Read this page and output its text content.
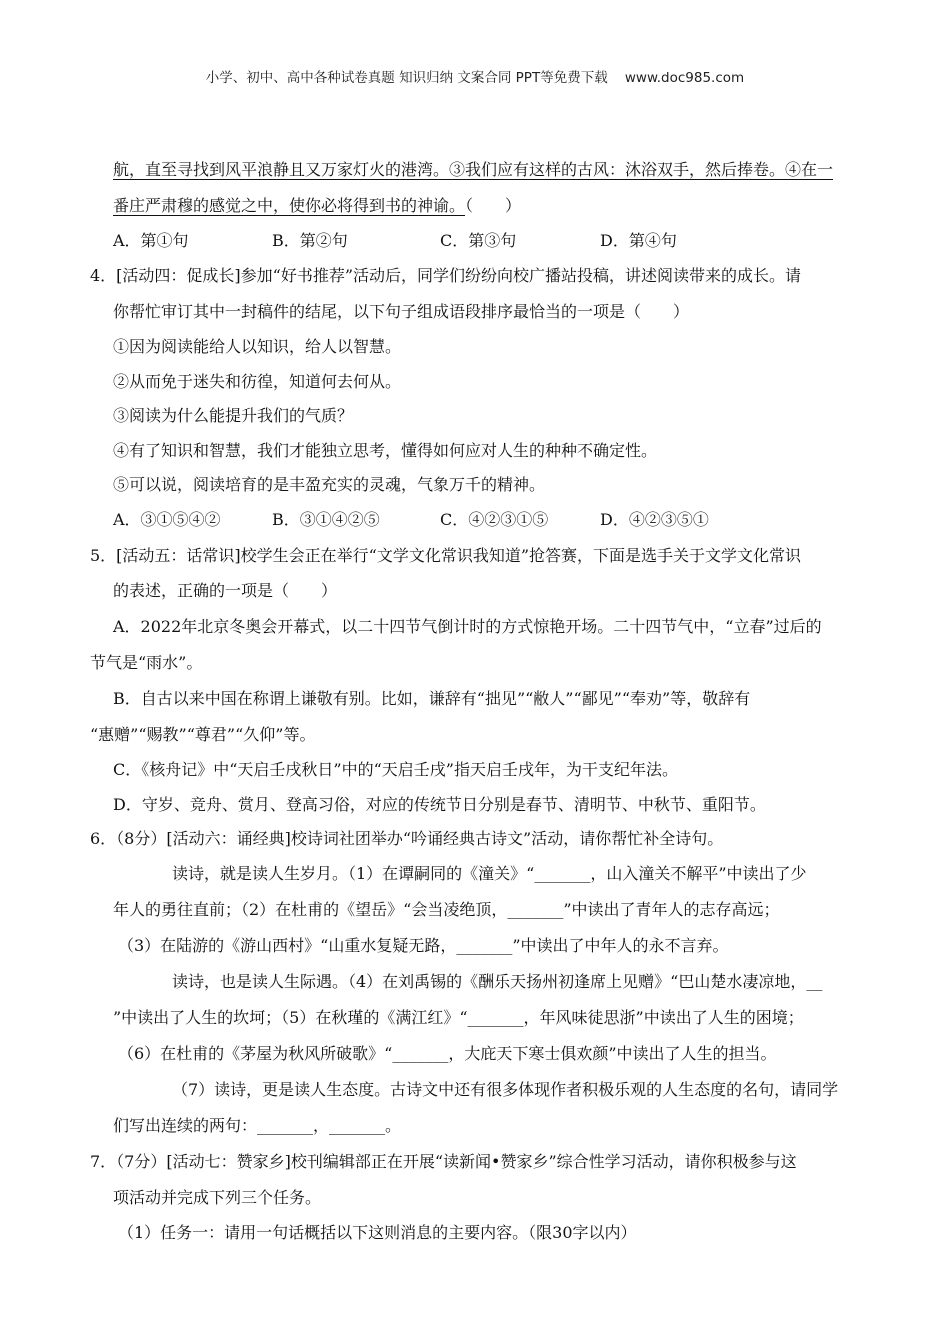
小学、初中、高中各种试卷真题 知识归纳 文案合同 PPT等免费下载    www.doc985.com
航，直至寻找到风平浪静且又万家灯火的港湾。③我们应有这样的古风：沐浴双手，然后捧卷。④在一
番庄严肃穆的感觉之中，使你必将得到书的神谕。（　　）
A．第①句	B．第②句	C．第③句	D．第④句
4．[活动四：促成长]参加“好书推荐”活动后，同学们纷纷向校广播站投稿，讲述阅读带来的成长。请
你帮忙审订其中一封稿件的结尾，以下句子组成语段排序最恰当的一项是（　　）
①因为阅读能给人以知识，给人以智慧。
②从而免于迷失和彷徨，知道何去何从。
③阅读为什么能提升我们的气质？
④有了知识和智慧，我们才能独立思考，懂得如何应对人生的种种不确定性。
⑤可以说，阅读培育的是丰盈充实的灵魂，气象万千的精神。
A．③①⑤④②	B．③①④②⑤	C．④②③①⑤	D．④②③⑤①
5．[活动五：话常识]校学生会正在举行“文学文化常识我知道”抢答赛，下面是选手关于文学文化常识
的表述，正确的一项是（　　）
A．2022年北京冬奥会开幕式，以二十四节气倒计时的方式惊艳开场。二十四节气中，“立春”过后的
节气是“雨水”。
B．自古以来中国在称谓上谦敬有别。比如，谦辞有“拙见”“敝人”“鄙见”“奉劝”等，敬辞有
“惠赠”“赐教”“尊君”“久仰”等。
C．《核舟记》中“天启壬戌秋日”中的“天启壬戌”指天启壬戌年，为干支纪年法。
D．守岁、竞舟、赏月、登高习俗，对应的传统节日分别是春节、清明节、中秋节、重阳节。
6．（8分）[活动六：诵经典]校诗词社团举办“吟诵经典古诗文”活动，请你帮忙补全诗句。
读诗，就是读人生岁月。（1）在谭嗣同的《潼关》“_______，山入潼关不解平”中读出了少
年人的勇往直前；（2）在杜甫的《望岳》“会当凌绝顶，_______”中读出了青年人的志存高远；
（3）在陆游的《游山西村》“山重水复疑无路，_______”中读出了中年人的永不言弃。
读诗，也是读人生际遇。（4）在刘禹锡的《酬乐天扬州初逢席上见赠》“巴山楚水凄凉地，__
”中读出了人生的坎坷；（5）在秋瑾的《满江红》“_______，年风味徒思浙”中读出了人生的困境；
（6）在杜甫的《茅屋为秋风所破歌》“_______，大庇天下寒士俱欢颜”中读出了人生的担当。
（7）读诗，更是读人生态度。古诗文中还有很多体现作者积极乐观的人生态度的名句，请同学
们写出连续的两句：_______，_______。
7．（7分）[活动七：赞家乡]校刊编辑部正在开展“读新闻•赞家乡”综合性学习活动，请你积极参与这
项活动并完成下列三个任务。
（1）任务一：请用一句话概括以下这则消息的主要内容。（限30字以内）
